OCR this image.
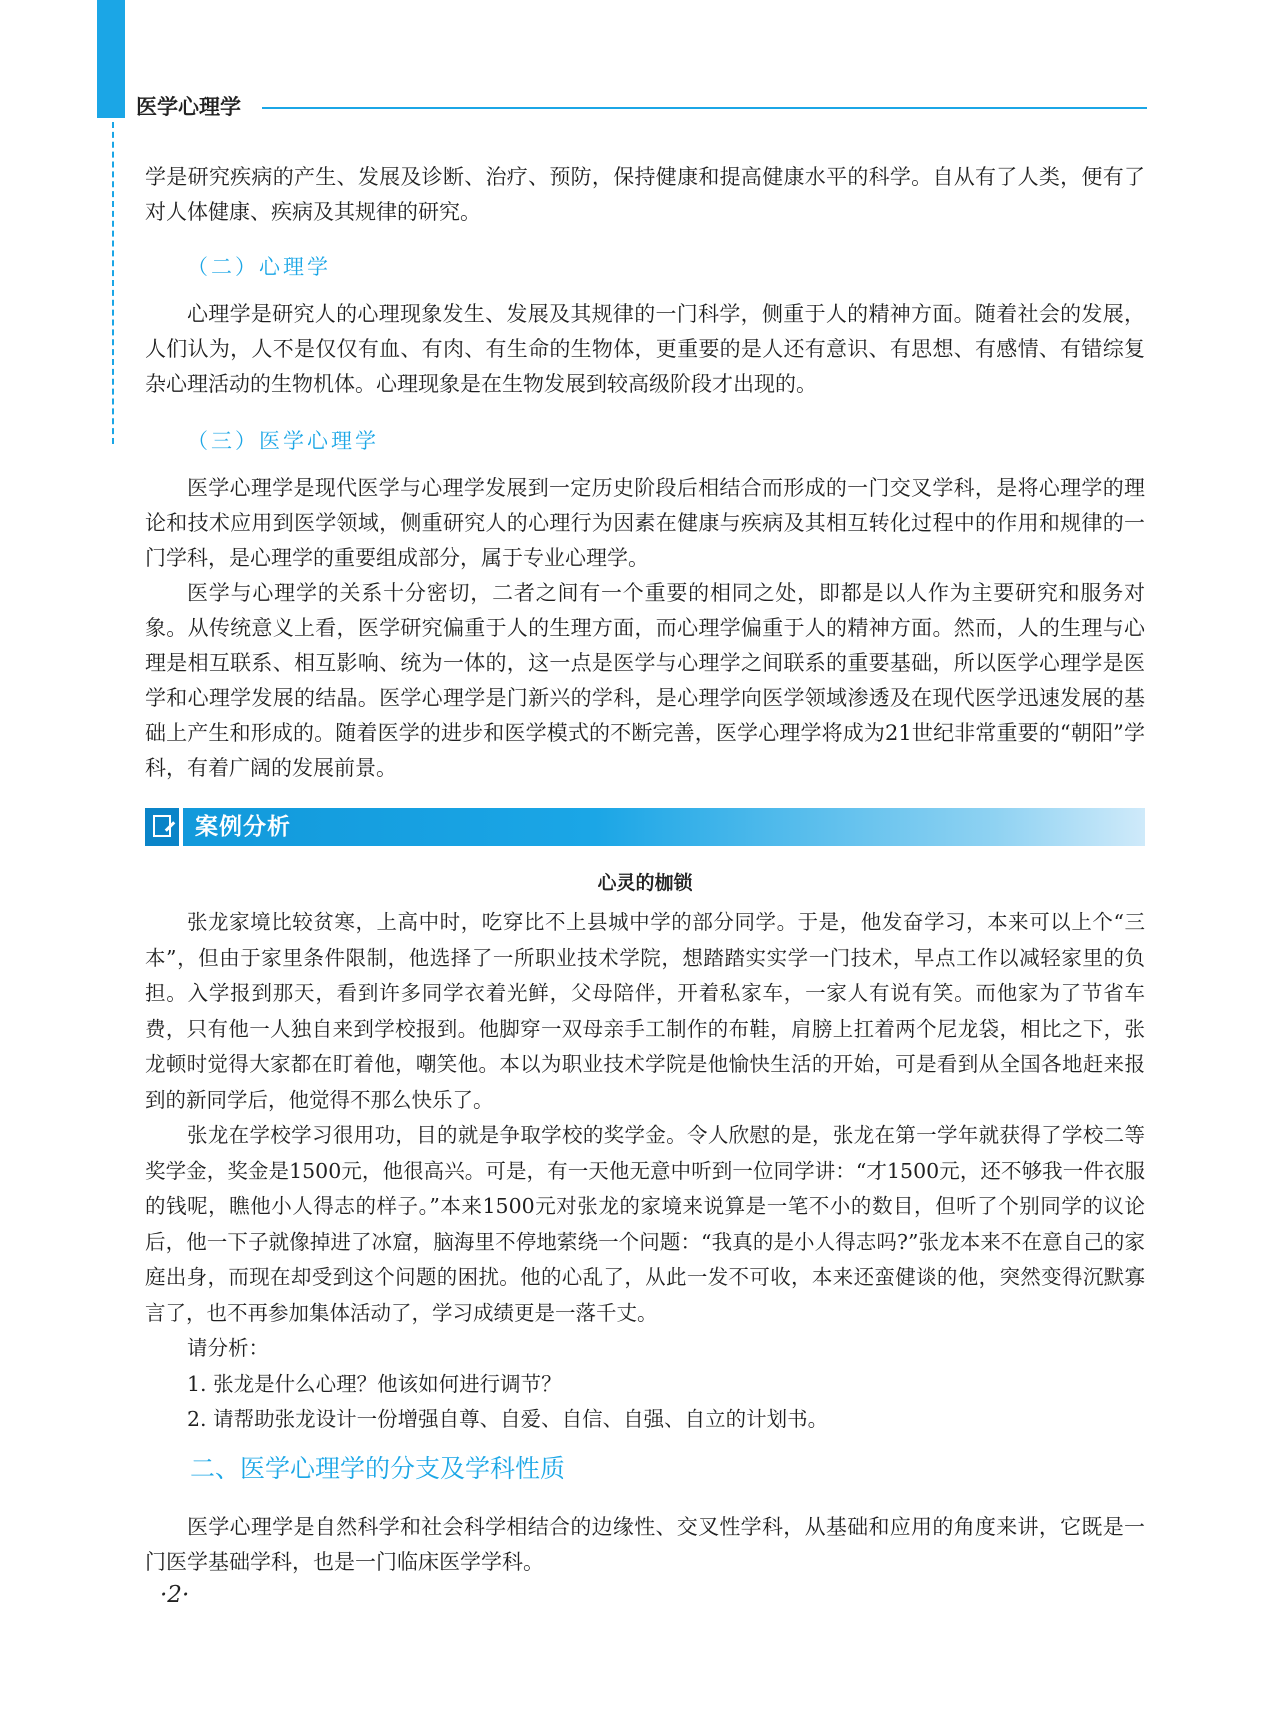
医学心理学

学是研究疾病的产生、发展及诊断、治疗、预防，保持健康和提高健康水平的科学。自从有了人类，便有了对人体健康、疾病及其规律的研究。

（二）心理学

心理学是研究人的心理现象发生、发展及其规律的一门科学，侧重于人的精神方面。随着社会的发展，人们认为，人不是仅仅有血、有肉、有生命的生物体，更重要的是人还有意识、有思想、有感情、有错综复杂心理活动的生物机体。心理现象是在生物发展到较高级阶段才出现的。

（三）医学心理学

医学心理学是现代医学与心理学发展到一定历史阶段后相结合而形成的一门交叉学科，是将心理学的理论和技术应用到医学领域，侧重研究人的心理行为因素在健康与疾病及其相互转化过程中的作用和规律的一门学科，是心理学的重要组成部分，属于专业心理学。

医学与心理学的关系十分密切，二者之间有一个重要的相同之处，即都是以人作为主要研究和服务对象。从传统意义上看，医学研究偏重于人的生理方面，而心理学偏重于人的精神方面。然而，人的生理与心理是相互联系、相互影响、统为一体的，这一点是医学与心理学之间联系的重要基础，所以医学心理学是医学和心理学发展的结晶。医学心理学是门新兴的学科，是心理学向医学领域渗透及在现代医学迅速发展的基础上产生和形成的。随着医学的进步和医学模式的不断完善，医学心理学将成为21世纪非常重要的“朝阳”学科，有着广阔的发展前景。

案例分析
心灵的枷锁

张龙家境比较贫寒，上高中时，吃穿比不上县城中学的部分同学。于是，他发奋学习，本来可以上个“三本”，但由于家里条件限制，他选择了一所职业技术学院，想踏踏实实学一门技术，早点工作以减轻家里的负担。入学报到那天，看到许多同学衣着光鲜，父母陪伴，开着私家车，一家人有说有笑。而他家为了节省车费，只有他一人独自来到学校报到。他脚穿一双母亲手工制作的布鞋，肩膀上扛着两个尼龙袋，相比之下，张龙顿时觉得大家都在盯着他，嘲笑他。本以为职业技术学院是他愉快生活的开始，可是看到从全国各地赶来报到的新同学后，他觉得不那么快乐了。

张龙在学校学习很用功，目的就是争取学校的奖学金。令人欣慰的是，张龙在第一学年就获得了学校二等奖学金，奖金是1500元，他很高兴。可是，有一天他无意中听到一位同学讲：“才1500元，还不够我一件衣服的钱呢，瞧他小人得志的样子。”本来1500元对张龙的家境来说算是一笔不小的数目，但听了个别同学的议论后，他一下子就像掉进了冰窟，脑海里不停地萦绕一个问题：“我真的是小人得志吗?”张龙本来不在意自己的家庭出身，而现在却受到这个问题的困扰。他的心乱了，从此一发不可收，本来还蛮健谈的他，突然变得沉默寡言了，也不再参加集体活动了，学习成绩更是一落千丈。

请分析：

1. 张龙是什么心理？他该如何进行调节？

2. 请帮助张龙设计一份增强自尊、自爱、自信、自强、自立的计划书。

二、医学心理学的分支及学科性质

医学心理学是自然科学和社会科学相结合的边缘性、交叉性学科，从基础和应用的角度来讲，它既是一门医学基础学科，也是一门临床医学学科。

·2·
